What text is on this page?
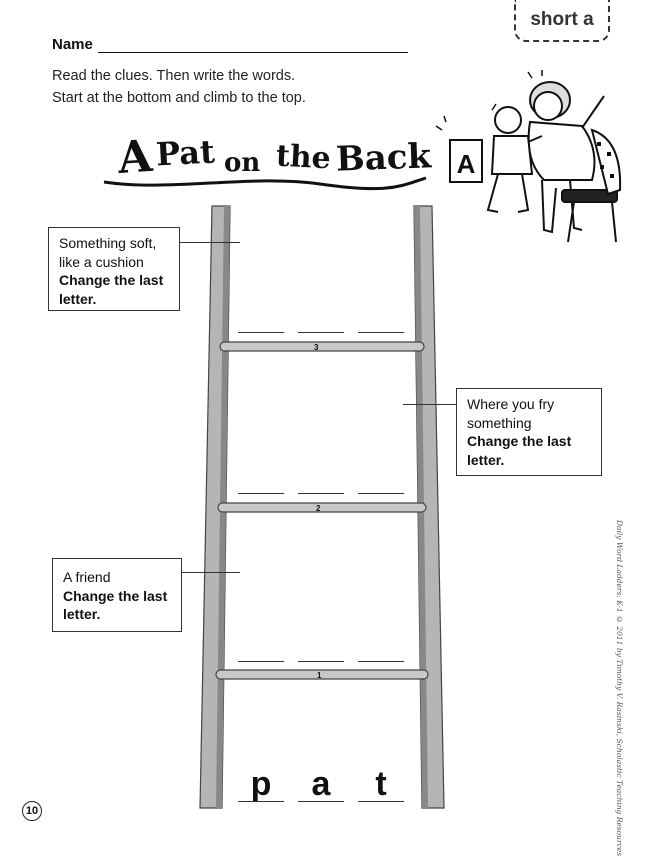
short a
Name
Read the clues. Then write the words.
Start at the bottom and climb to the top.
A Pat on the Back A
3
2
1
p	a	t
Something soft,
like a cushion
Change the last
letter.
Where you fry
something
Change the last
letter.
A friend
Change the last
letter.	Daily Word Ladders: K-1 © 2011 by Timothy V. Rasinski, Scholastic Teaching Resources
10
